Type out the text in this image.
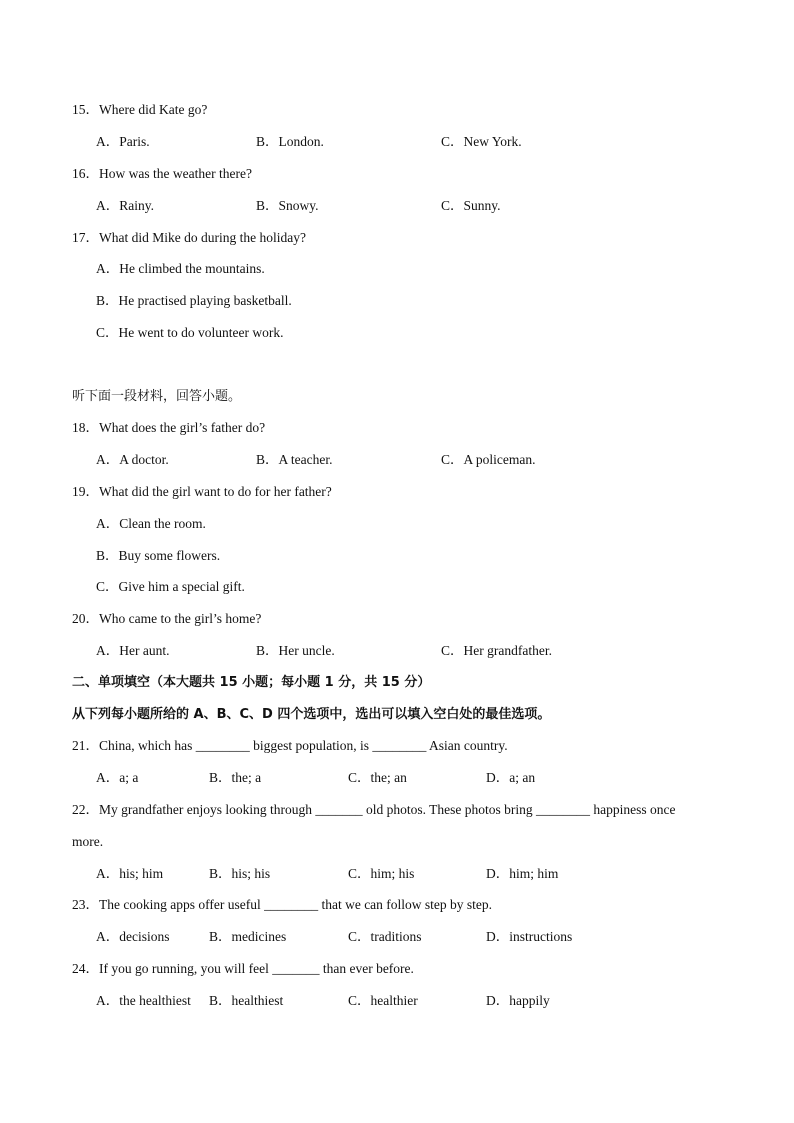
15．Where did Kate go?
A．Paris.	B．London.	C．New York.
16．How was the weather there?
A．Rainy.	B．Snowy.	C．Sunny.
17．What did Mike do during the holiday?
A．He climbed the mountains.
B．He practised playing basketball.
C．He went to do volunteer work.
听下面一段材料，回答小题。
18．What does the girl’s father do?
A．A doctor.	B．A teacher.	C．A policeman.
19．What did the girl want to do for her father?
A．Clean the room.
B．Buy some flowers.
C．Give him a special gift.
20．Who came to the girl’s home?
A．Her aunt.	B．Her uncle.	C．Her grandfather.
二、单项填空（本大题共 15 小题；每小题 1 分，共 15 分）
从下列每小题所给的 A、B、C、D 四个选项中，选出可以填入空白处的最佳选项。
21．China, which has ________ biggest population, is ________ Asian country.
A．a; a	B．the; a	C．the; an	D．a; an
22．My grandfather enjoys looking through _______ old photos. These photos bring ________ happiness once
more.
A．his; him	B．his; his	C．him; his	D．him; him
23．The cooking apps offer useful ________ that we can follow step by step.
A．decisions	B．medicines	C．traditions	D．instructions
24．If you go running, you will feel _______ than ever before.
A．the healthiest B．healthiest	C．healthier	D．happily
